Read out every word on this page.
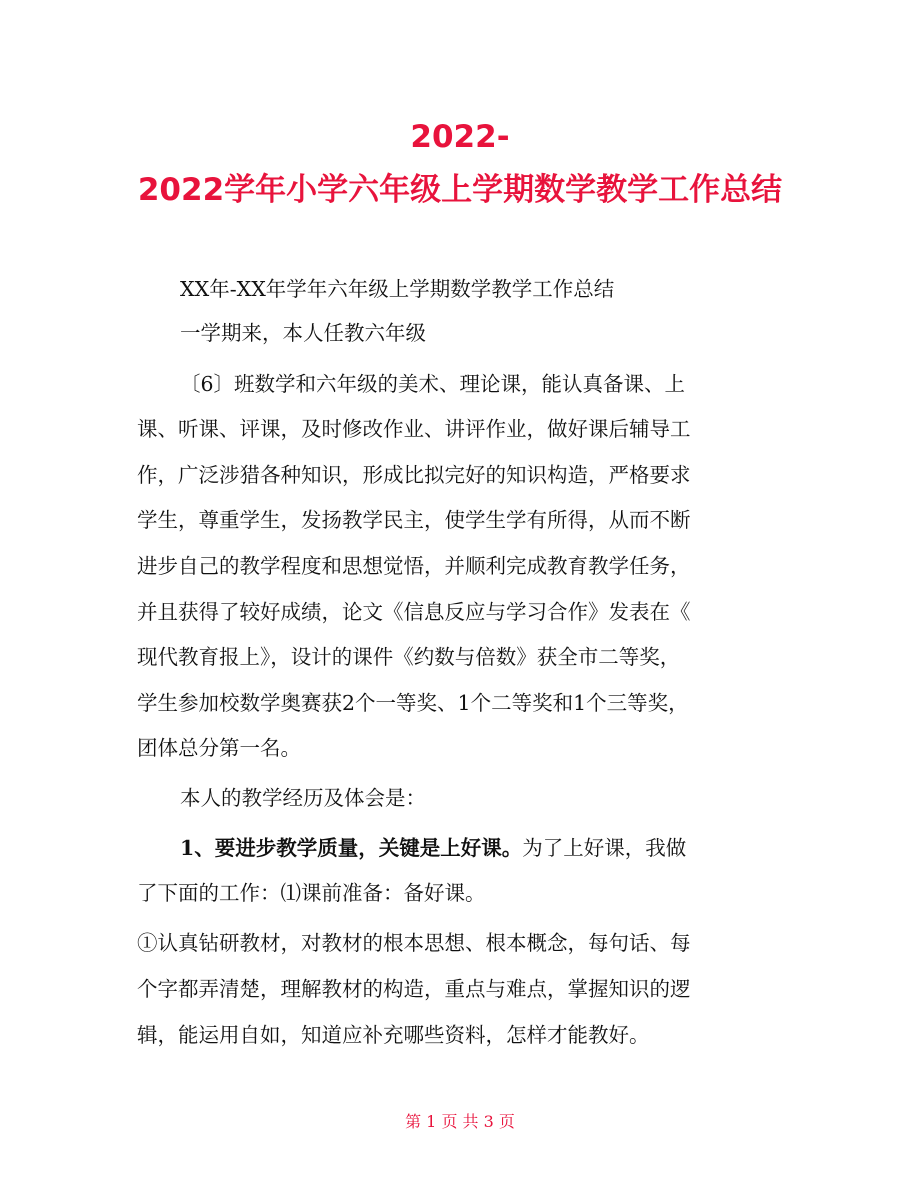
2022-
2022学年小学六年级上学期数学教学工作总结
XX年-XX年学年六年级上学期数学教学工作总结
一学期来，本人任教六年级
〔6〕班数学和六年级的美术、理论课，能认真备课、上
课、听课、评课，及时修改作业、讲评作业，做好课后辅导工
作，广泛涉猎各种知识，形成比拟完好的知识构造，严格要求
学生，尊重学生，发扬教学民主，使学生学有所得，从而不断
进步自己的教学程度和思想觉悟，并顺利完成教育教学任务，
并且获得了较好成绩，论文《信息反应与学习合作》发表在《
现代教育报上》，设计的课件《约数与倍数》获全市二等奖，
学生参加校数学奥赛获2个一等奖、1个二等奖和1个三等奖，
团体总分第一名。
本人的教学经历及体会是：
1、要进步教学质量，关键是上好课。为了上好课，我做
了下面的工作：⑴课前准备：备好课。
①认真钻研教材，对教材的根本思想、根本概念，每句话、每
个字都弄清楚，理解教材的构造，重点与难点，掌握知识的逻
辑，能运用自如，知道应补充哪些资料，怎样才能教好。
第 1 页 共 3 页
